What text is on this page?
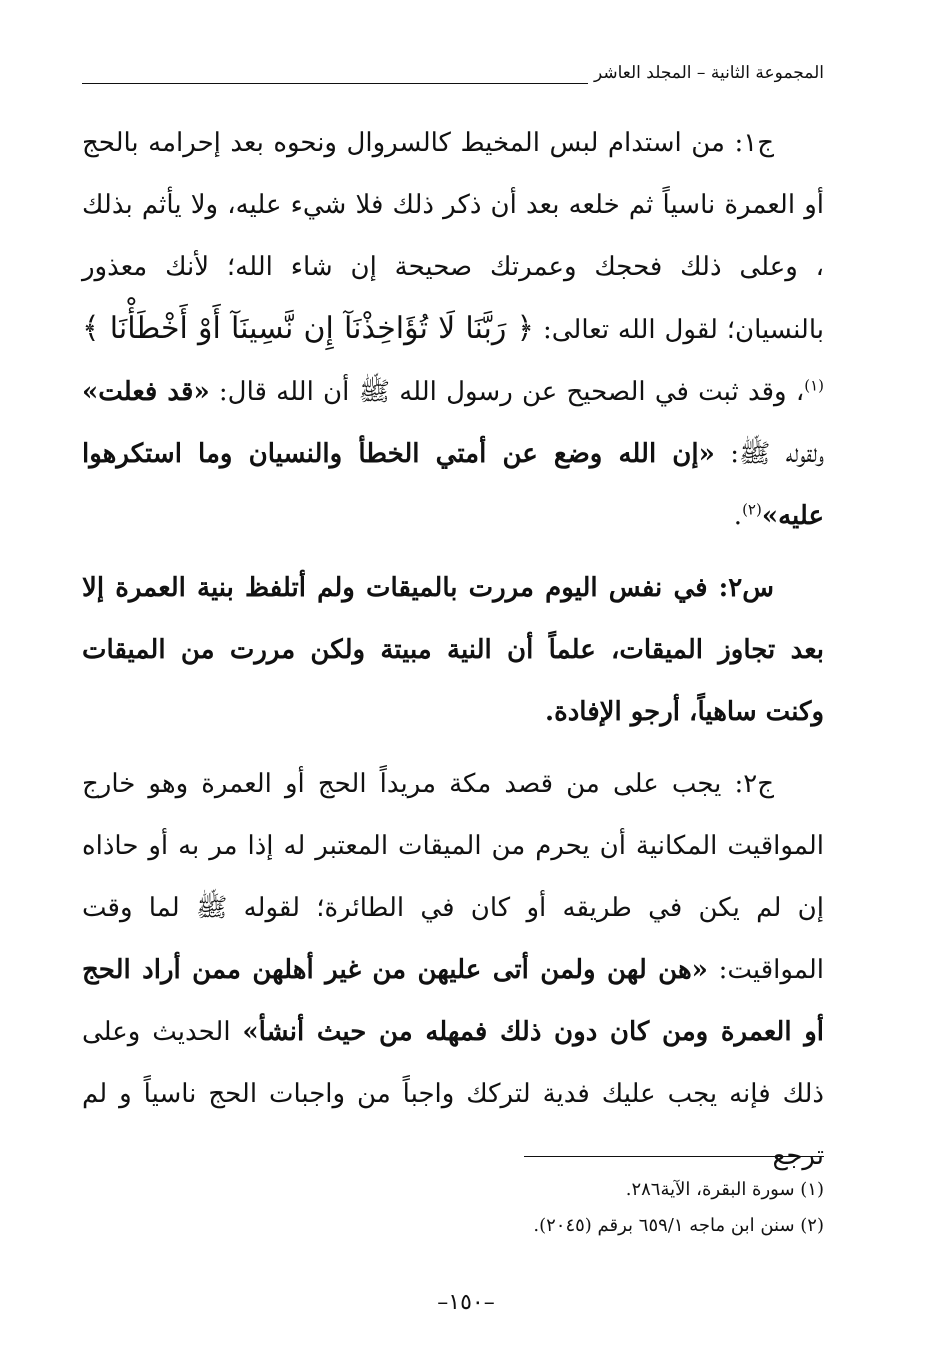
المجموعة الثانية – المجلد العاشر

ج١: من استدام لبس المخيط كالسروال ونحوه بعد إحرامه بالحج أو العمرة ناسياً ثم خلعه بعد أن ذكر ذلك فلا شيء عليه، ولا يأثم بذلك ، وعلى ذلك فحجك وعمرتك صحيحة إن شاء الله؛ لأنك معذور بالنسيان؛ لقول الله تعالى: ﴿ رَبَّنَا لَا تُؤَاخِذْنَآ إِن نَّسِينَآ أَوْ أَخْطَأْنَا ﴾$^{(١)}$، وقد ثبت في الصحيح عن رسول الله ﷺ أن الله قال: «قد فعلت» ولقوله ﷺ: «إن الله وضع عن أمتي الخطأ والنسيان وما استكرهوا عليه»$^{(٢)}$.

س٢: في نفس اليوم مررت بالميقات ولم أتلفظ بنية العمرة إلا بعد تجاوز الميقات، علماً أن النية مبيتة ولكن مررت من الميقات وكنت ساهياً، أرجو الإفادة.

ج٢: يجب على من قصد مكة مريداً الحج أو العمرة وهو خارج المواقيت المكانية أن يحرم من الميقات المعتبر له إذا مر به أو حاذاه إن لم يكن في طريقه أو كان في الطائرة؛ لقوله ﷺ لما وقت المواقيت: «هن لهن ولمن أتى عليهن من غير أهلهن ممن أراد الحج أو العمرة ومن كان دون ذلك فمهله من حيث أنشأ» الحديث وعلى ذلك فإنه يجب عليك فدية لتركك واجباً من واجبات الحج ناسياً و لم ترجع

(١) سورة البقرة، الآية٢٨٦.
(٢) سنن ابن ماجه ٦٥٩/١ برقم (٢٠٤٥).
–١٥٠–
